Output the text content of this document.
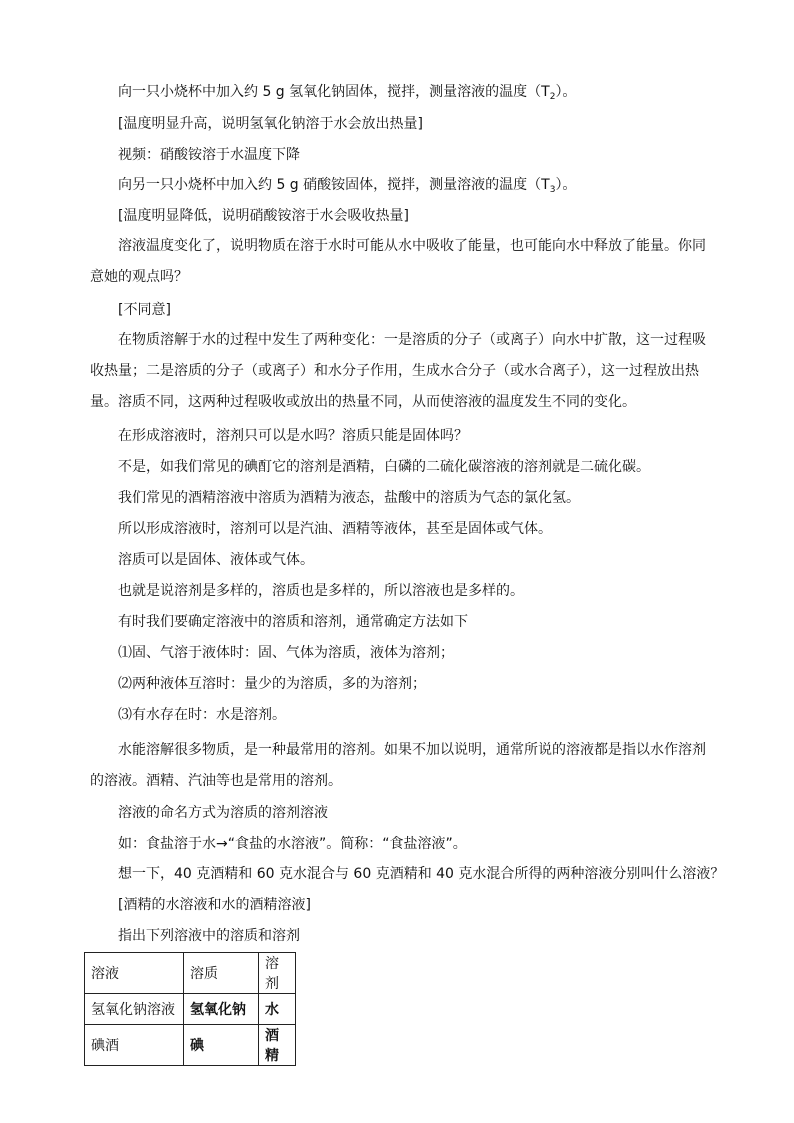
向一只小烧杯中加入约 5 g 氢氧化钠固体，搅拌，测量溶液的温度$(T_2)$。

[温度明显升高，说明氢氧化钠溶于水会放出热量]

视频：硝酸铵溶于水温度下降

向另一只小烧杯中加入约 5 g 硝酸铵固体，搅拌，测量溶液的温度$(T_3)$。

[温度明显降低，说明硝酸铵溶于水会吸收热量]

溶液温度变化了，说明物质在溶于水时可能从水中吸收了能量，也可能向水中释放了能量。你同意她的观点吗？

[不同意]

在物质溶解于水的过程中发生了两种变化：一是溶质的分子（或离子）向水中扩散，这一过程吸收热量；二是溶质的分子（或离子）和水分子作用，生成水合分子（或水合离子），这一过程放出热量。溶质不同，这两种过程吸收或放出的热量不同，从而使溶液的温度发生不同的变化。

在形成溶液时，溶剂只可以是水吗？溶质只能是固体吗？

不是，如我们常见的碘酊它的溶剂是酒精，白磷的二硫化碳溶液的溶剂就是二硫化碳。

我们常见的酒精溶液中溶质为酒精为液态，盐酸中的溶质为气态的氯化氢。

所以形成溶液时，溶剂可以是汽油、酒精等液体，甚至是固体或气体。

溶质可以是固体、液体或气体。

也就是说溶剂是多样的，溶质也是多样的，所以溶液也是多样的。

有时我们要确定溶液中的溶质和溶剂，通常确定方法如下

⑴固、气溶于液体时：固、气体为溶质，液体为溶剂；

⑵两种液体互溶时：量少的为溶质，多的为溶剂；

⑶有水存在时：水是溶剂。

水能溶解很多物质，是一种最常用的溶剂。如果不加以说明，通常所说的溶液都是指以水作溶剂的溶液。酒精、汽油等也是常用的溶剂。

溶液的命名方式为溶质的溶剂溶液

如：食盐溶于水→“食盐的水溶液”。简称：“食盐溶液”。

想一下，40 克酒精和 60 克水混合与 60 克酒精和 40 克水混合所得的两种溶液分别叫什么溶液？

[酒精的水溶液和水的酒精溶液]

指出下列溶液中的溶质和溶剂

溶液	溶质	溶剂
氢氧化钠溶液	氢氧化钠	水
碘酒	碘	酒精
